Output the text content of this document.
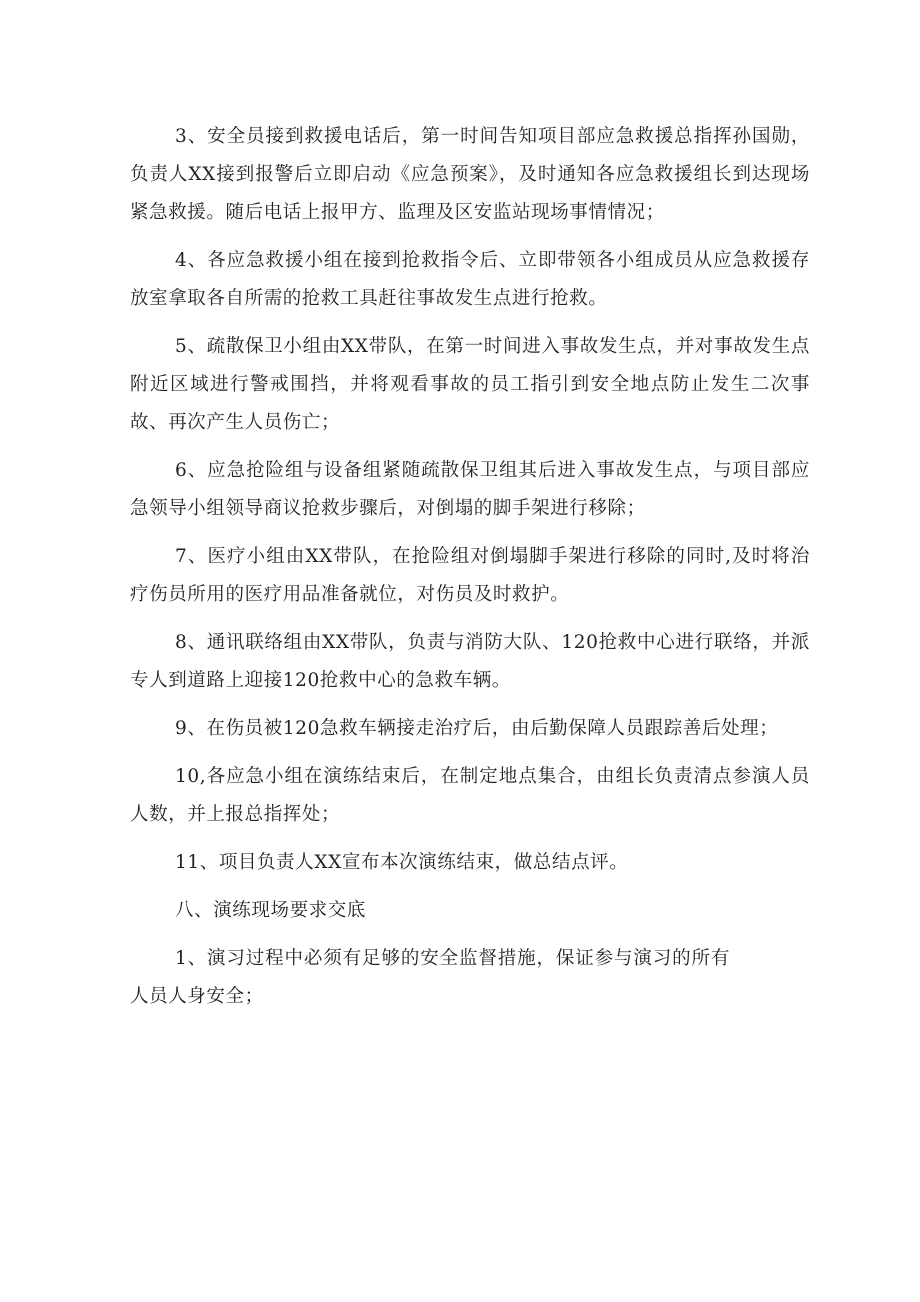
3、安全员接到救援电话后，第一时间告知项目部应急救援总指挥孙国勋，负责人XX接到报警后立即启动《应急预案》，及时通知各应急救援组长到达现场紧急救援。随后电话上报甲方、监理及区安监站现场事情情况；

4、各应急救援小组在接到抢救指令后、立即带领各小组成员从应急救援存放室拿取各自所需的抢救工具赶往事故发生点进行抢救。

5、疏散保卫小组由XX带队，在第一时间进入事故发生点，并对事故发生点附近区域进行警戒围挡，并将观看事故的员工指引到安全地点防止发生二次事故、再次产生人员伤亡；

6、应急抢险组与设备组紧随疏散保卫组其后进入事故发生点，与项目部应急领导小组领导商议抢救步骤后，对倒塌的脚手架进行移除；

7、医疗小组由XX带队，在抢险组对倒塌脚手架进行移除的同时,及时将治疗伤员所用的医疗用品准备就位，对伤员及时救护。

8、通讯联络组由XX带队，负责与消防大队、120抢救中心进行联络，并派专人到道路上迎接120抢救中心的急救车辆。

9、在伤员被120急救车辆接走治疗后，由后勤保障人员跟踪善后处理；

10,各应急小组在演练结束后，在制定地点集合，由组长负责清点参演人员人数，并上报总指挥处；

11、项目负责人XX宣布本次演练结束，做总结点评。

八、演练现场要求交底

1、演习过程中必须有足够的安全监督措施，保证参与演习的所有人员人身安全；
